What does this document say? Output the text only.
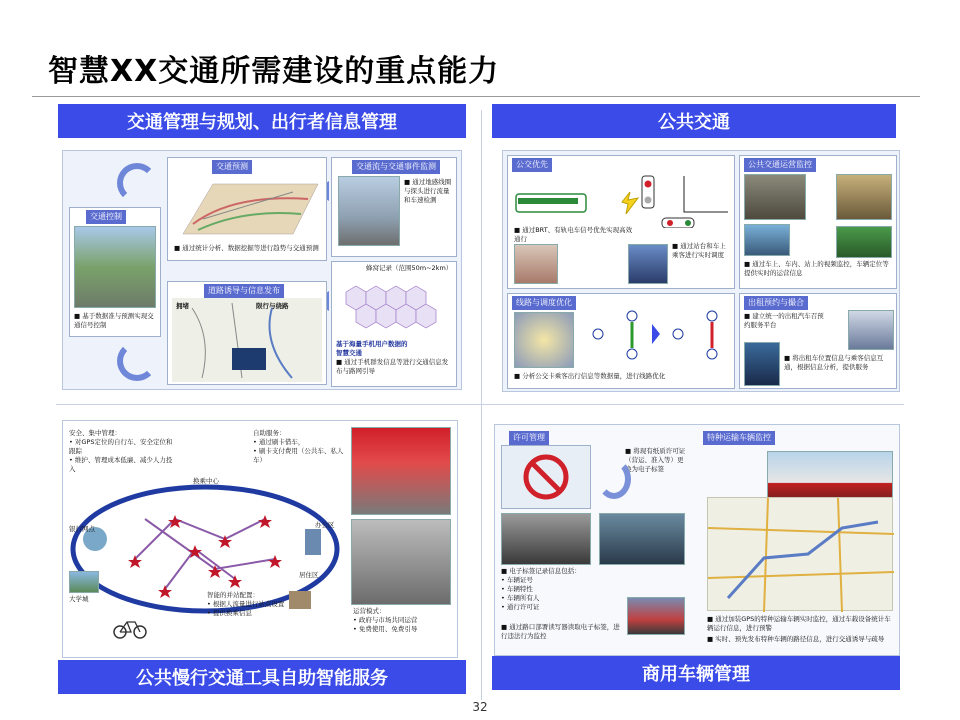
智慧XX交通所需建设的重点能力
交通管理与规划、出行者信息管理	公共交通
公共慢行交通工具自助智能服务	商用车辆管理
交通预测
■ 通过统计分析、数据挖掘等进行趋势与交通预测
交通流与交通事件监测
■ 通过地感线圈与探头进行流量和车速检测
交通控制
■ 基于数据准与预测实现交通信号控制
道路诱导与信息发布
拥堵	限行与绕路
蜂窝记录（范围50m~2km）
基于海量手机用户数据的智慧交通
■ 通过手机群发信息等进行交通信息发布与路网引导
公交优先
■ 通过BRT、有轨电车信号优先实现高效通行
■ 通过站台和车上乘客进行实时调度
公共交通运营监控
■ 通过车上、车内、站上的视频监控，车辆定位等提供实时的运营信息
线路与调度优化
■ 分析公交卡乘客出行信息等数据量，进行线路优化
出租预约与撮合
■ 建立统一的出租汽车召预约服务平台
■ 将出租车位置信息与乘客信息互通，根据信息分析，提供服务
安全、集中管理：
• 对GPS定位的自行车、安全定位和跟踪
• 维护、管理成本低廉、减少人力投入
自助服务：
• 通过刷卡借车，
• 刷卡支付费用（公共车、私人车）
换乘中心
银行网点	办公区
居住区
大学城	智能的并站配置：
• 根据人流量进行站点设置
• 提供换乘信息	运营模式：
• 政府与市场共同运营
• 免费使用、免费引导
许可管理
■ 将现有纸质许可证（营运、准入等）更换为电子标签
■ 电子标签记录信息包括：
• 车辆证号
• 车辆特性
• 车辆所有人
• 通行许可证
■ 通过路口部署读写器读取电子标签，进行违法行为监控
特种运输车辆监控
■ 通过加装GPS的特种运输车辆实时监控，通过车载设备统计车辆运行信息，进行预警
■ 实时、预先发布特种车辆的路径信息，进行交通诱导与疏导
32
